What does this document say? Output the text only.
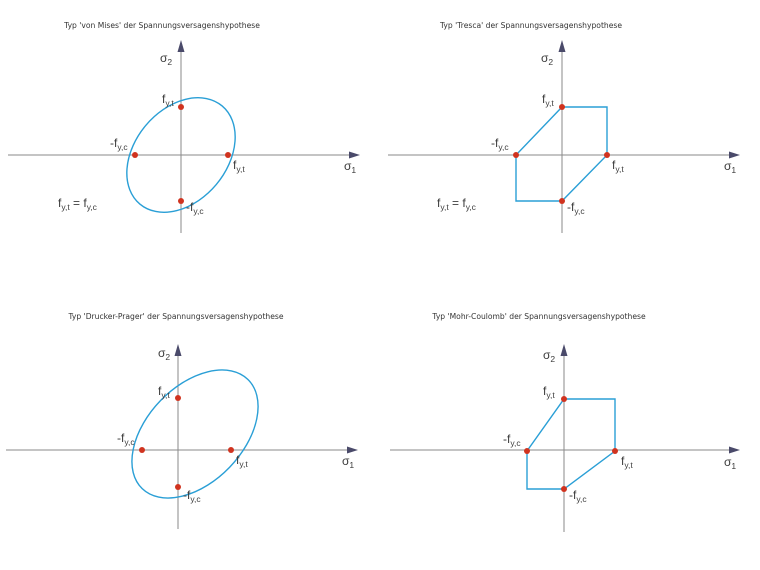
Typ 'von Mises' der Spannungsversagenshypothese
$\sigma_1$
$\sigma_2$
$f_{y,t}$
$f_{y,t}$
$-f_{y,c}$
$-f_{y,c}$
$f_{y,t} = f_{y,c}$
Typ 'Tresca' der Spannungsversagenshypothese
$\sigma_1$
$\sigma_2$
$f_{y,t}$
$f_{y,t}$
$-f_{y,c}$
$-f_{y,c}$
$f_{y,t} = f_{y,c}$
Typ 'Drucker-Prager' der Spannungsversagenshypothese
$\sigma_1$
$\sigma_2$
$f_{y,t}$
$f_{y,t}$
$-f_{y,c}$
$-f_{y,c}$
Typ 'Mohr-Coulomb' der Spannungsversagenshypothese
$\sigma_1$
$\sigma_2$
$f_{y,t}$
$f_{y,t}$
$-f_{y,c}$
$-f_{y,c}$
